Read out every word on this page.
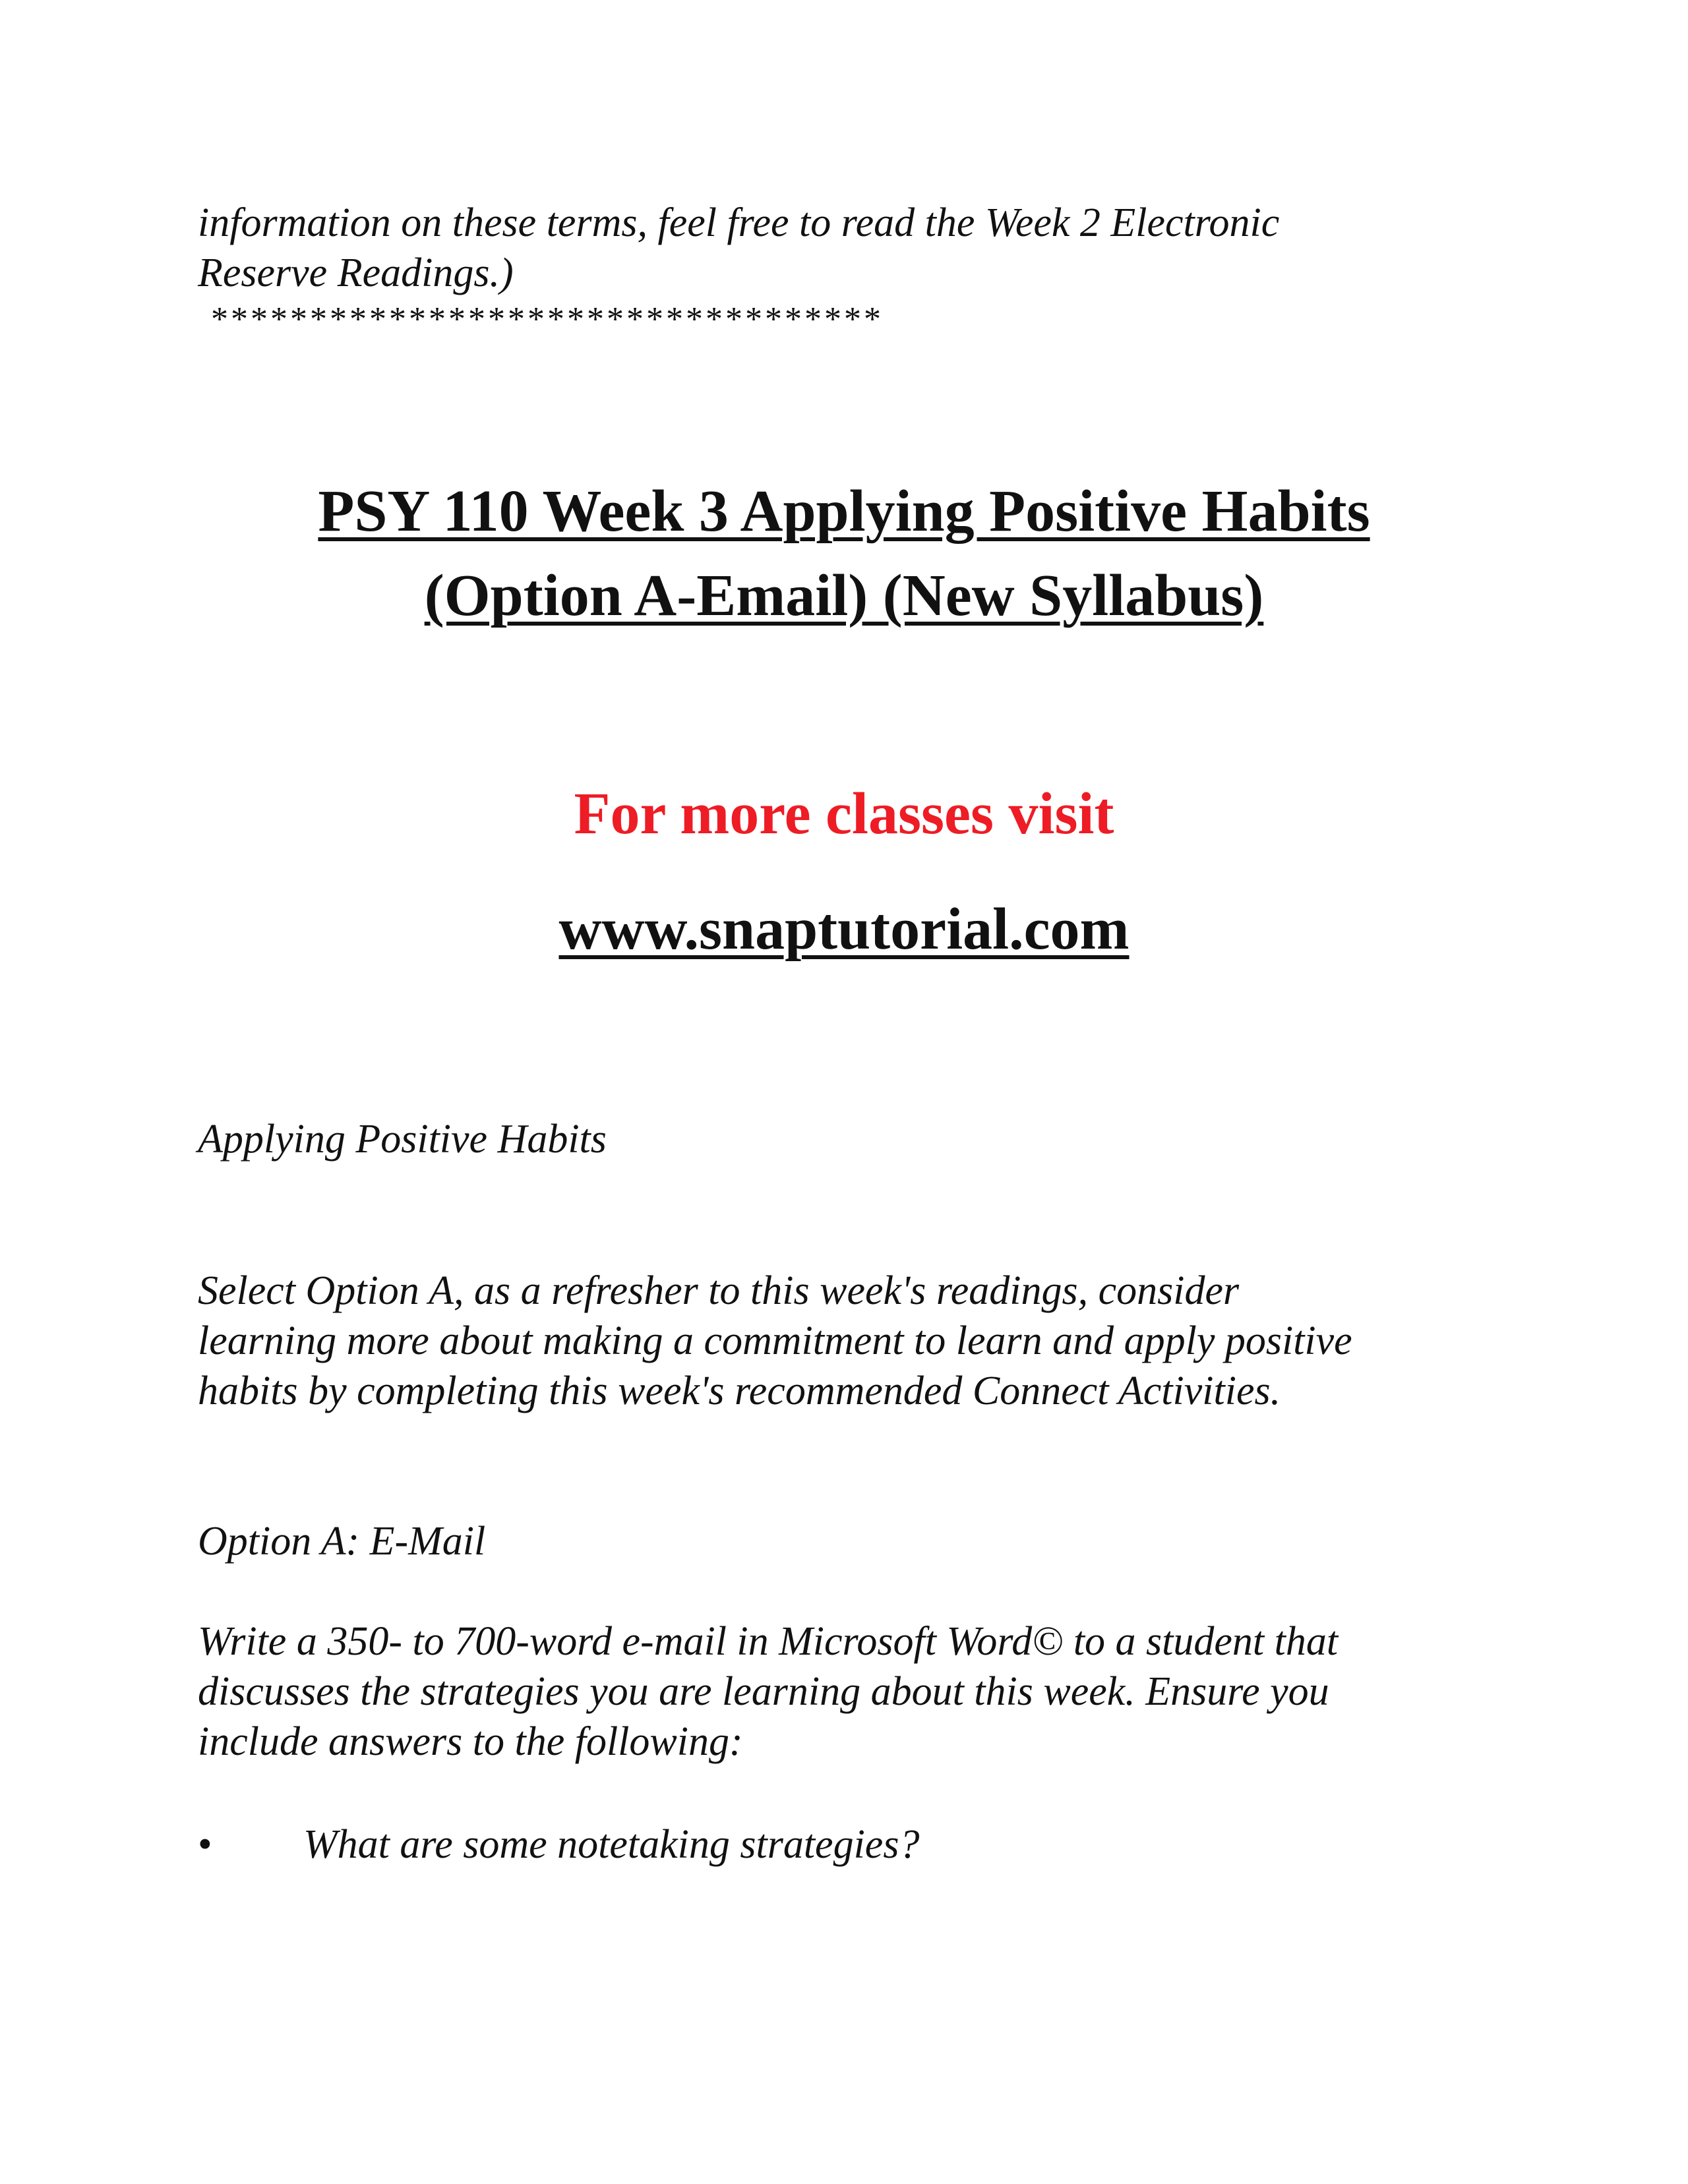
information on these terms, feel free to read the Week 2 Electronic
Reserve Readings.)
**********************************
PSY 110 Week 3 Applying Positive Habits
(Option A-Email) (New Syllabus)
For more classes visit
www.snaptutorial.com
Applying Positive Habits
Select Option A, as a refresher to this week's readings, consider
learning more about making a commitment to learn and apply positive
habits by completing this week's recommended Connect Activities.
Option A: E-Mail
Write a 350- to 700-word e-mail in Microsoft Word© to a student that
discusses the strategies you are learning about this week. Ensure you
include answers to the following:
• What are some notetaking strategies?
